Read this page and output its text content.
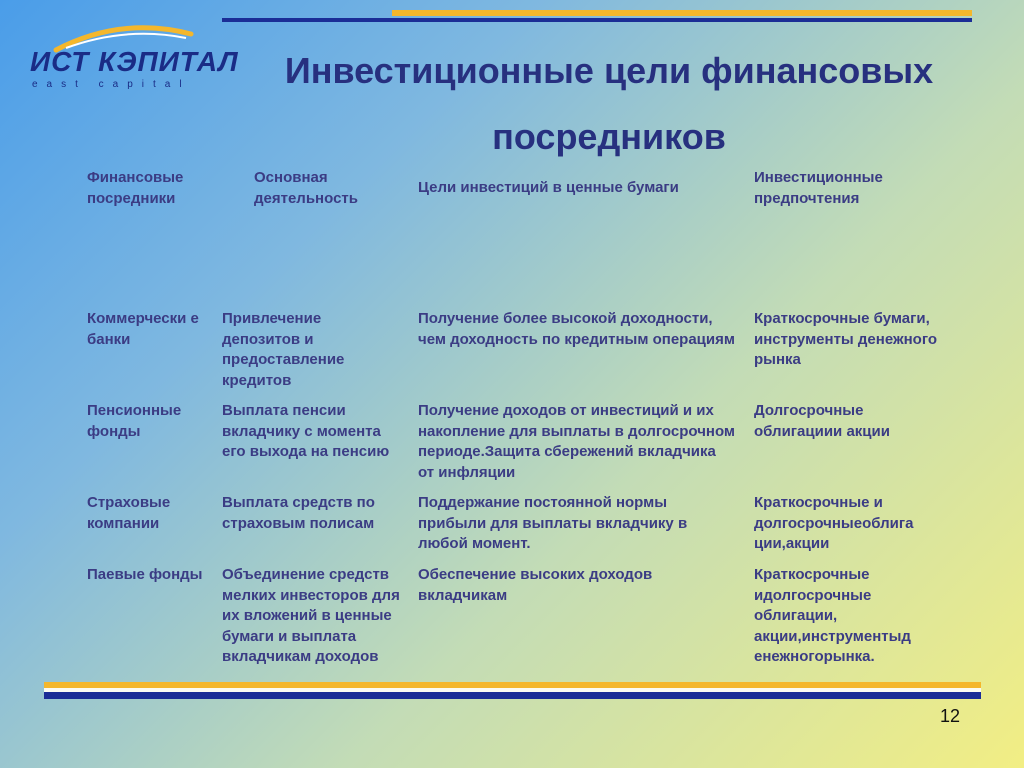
ИСТ КЭПИТАЛ
east capital	Инвестиционные цели финансовых посредников
Финансовые посредники
Основная деятельность
Цели инвестиций в ценные бумаги
Инвестиционные предпочтения
Коммерчески е банки
Привлечение депозитов и предоставление кредитов
Получение более высокой доходности, чем доходность по кредитным операциям
Краткосрочные бумаги, инструменты денежного рынка
Пенсионные фонды
Выплата пенсии вкладчику с момента его выхода на пенсию
Получение доходов от инвестиций и их накопление для выплаты в долгосрочном периоде.Защита сбережений вкладчика от инфляции
Долгосрочные облигациии акции
Страховые компании
Выплата средств по страховым полисам
Поддержание постоянной нормы прибыли для выплаты вкладчику в любой момент.
Краткосрочные и долгосрочныеоблига ции,акции
Паевые фонды	Объединение средств мелких инвесторов для их вложений в ценные бумаги и выплата вкладчикам доходов
Обеспечение высоких доходов вкладчикам
Краткосрочные идолгосрочные облигации, акции,инструментыд енежногорынка.
12
